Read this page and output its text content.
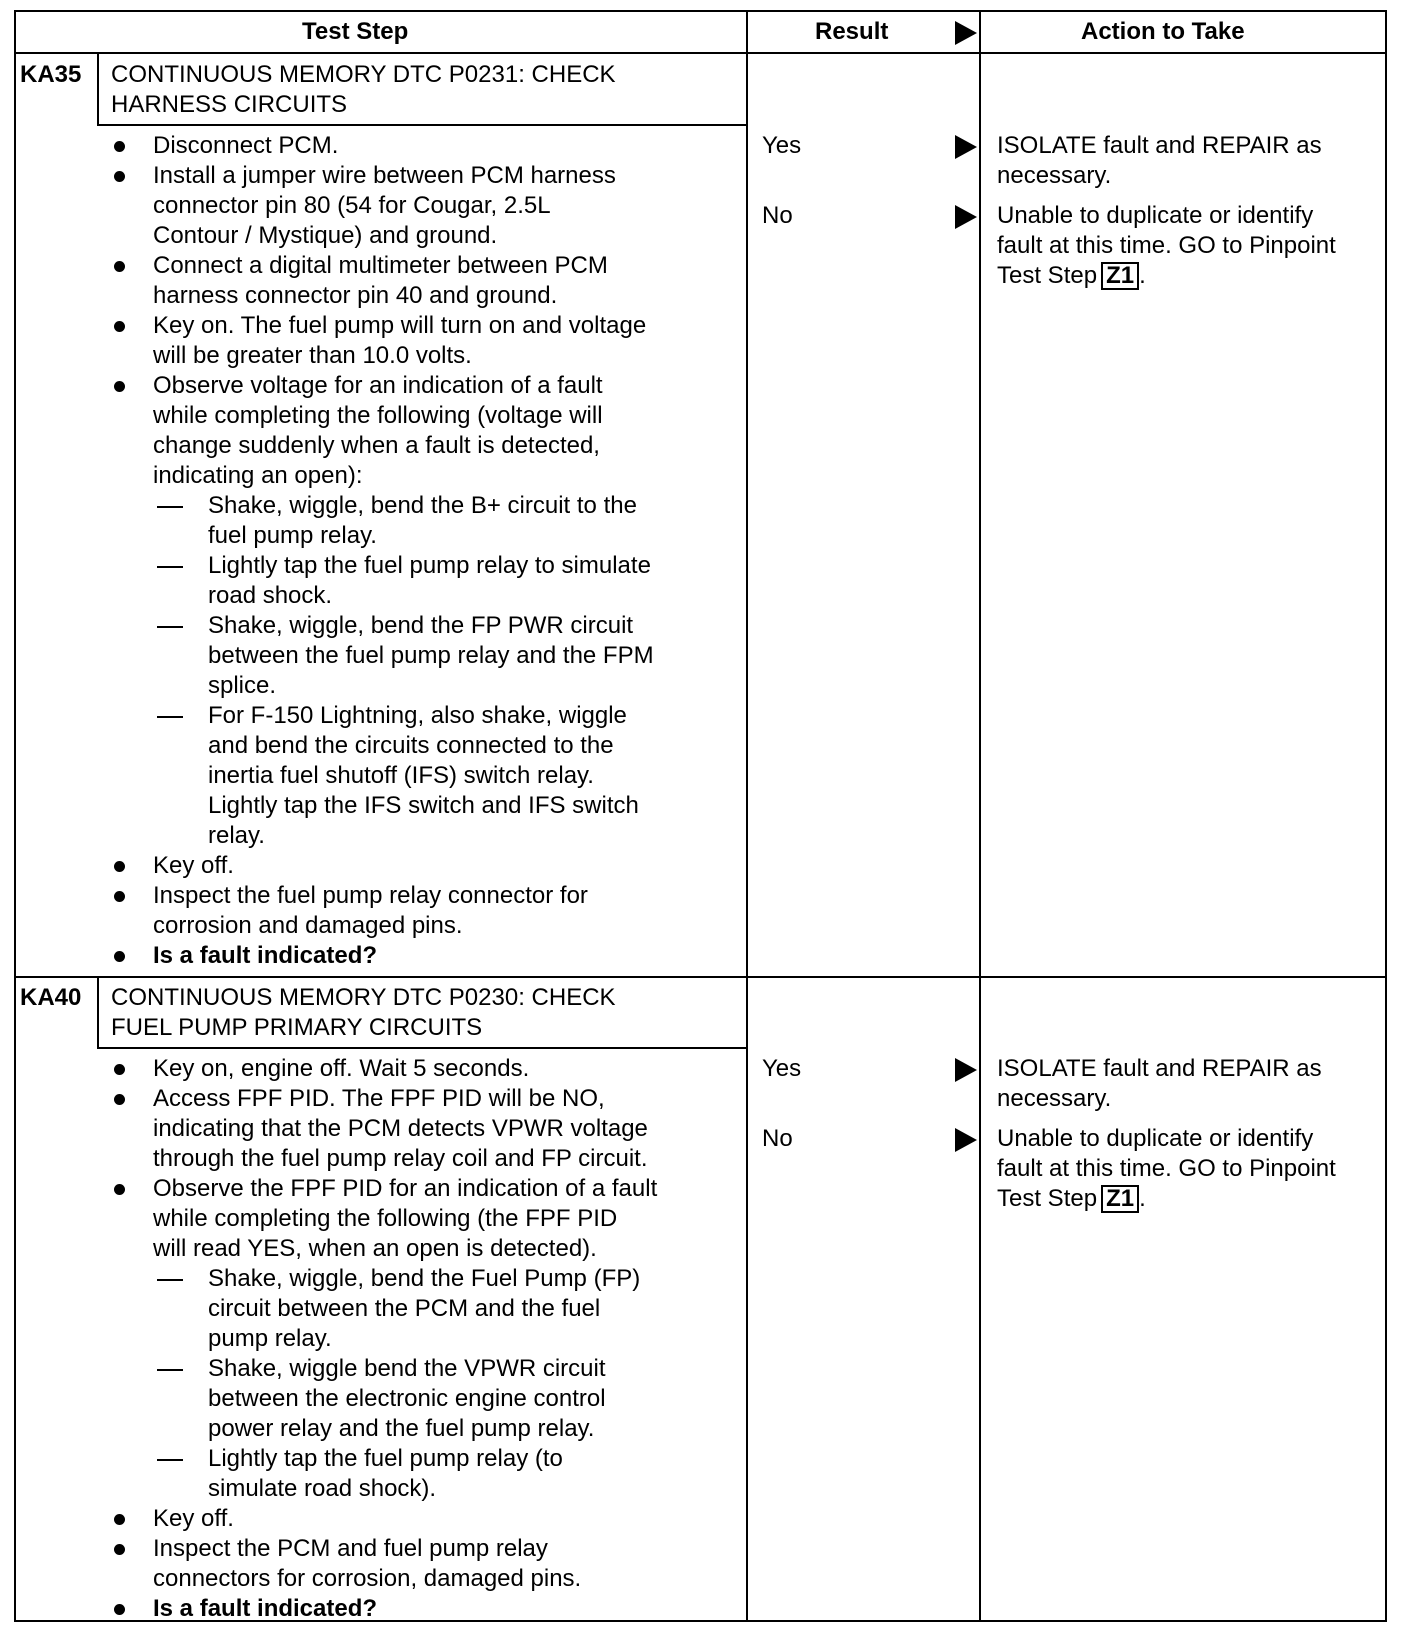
Test Step	Result	Action to Take
KA35 CONTINUOUS MEMORY DTC P0231: CHECK
HARNESS CIRCUITS
Disconnect PCM.
Install a jumper wire between PCM harness
connector pin 80 (54 for Cougar, 2.5L
Contour / Mystique) and ground.
Connect a digital multimeter between PCM
harness connector pin 40 and ground.
Key on. The fuel pump will turn on and voltage
will be greater than 10.0 volts.
Observe voltage for an indication of a fault
while completing the following (voltage will
change suddenly when a fault is detected,
indicating an open):
Shake, wiggle, bend the B+ circuit to the
fuel pump relay.
Lightly tap the fuel pump relay to simulate
road shock.
Shake, wiggle, bend the FP PWR circuit
between the fuel pump relay and the FPM
splice.
For F-150 Lightning, also shake, wiggle
and bend the circuits connected to the
inertia fuel shutoff (IFS) switch relay.
Lightly tap the IFS switch and IFS switch
relay.
Key off.
Inspect the fuel pump relay connector for
corrosion and damaged pins.
Is a fault indicated?
Yes
No
ISOLATE fault and REPAIR as
necessary.
Unable to duplicate or identify
fault at this time. GO to Pinpoint
Test Step Z1 .
KA40 CONTINUOUS MEMORY DTC P0230: CHECK
FUEL PUMP PRIMARY CIRCUITS
Key on, engine off. Wait 5 seconds.
Access FPF PID. The FPF PID will be NO,
indicating that the PCM detects VPWR voltage
through the fuel pump relay coil and FP circuit.
Observe the FPF PID for an indication of a fault
while completing the following (the FPF PID
will read YES, when an open is detected).
Shake, wiggle, bend the Fuel Pump (FP)
circuit between the PCM and the fuel
pump relay.
Shake, wiggle bend the VPWR circuit
between the electronic engine control
power relay and the fuel pump relay.
Lightly tap the fuel pump relay (to
simulate road shock).
Key off.
Inspect the PCM and fuel pump relay
connectors for corrosion, damaged pins.
Is a fault indicated?
Yes
No
ISOLATE fault and REPAIR as
necessary.
Unable to duplicate or identify
fault at this time. GO to Pinpoint
Test Step Z1 .
